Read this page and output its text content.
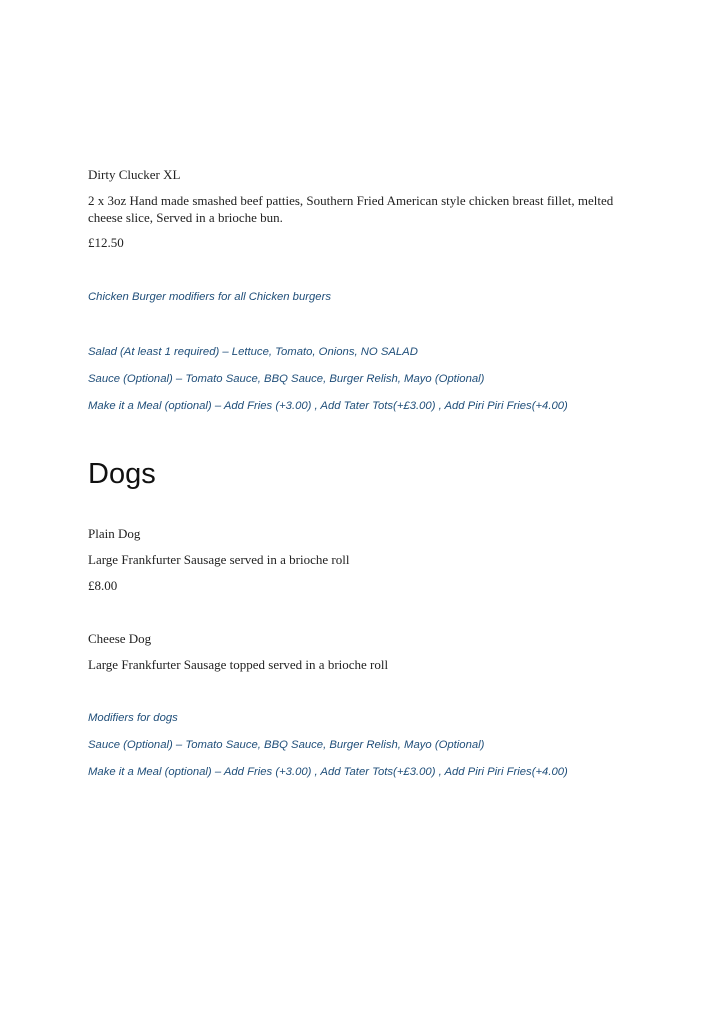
Dirty Clucker XL

2 x 3oz Hand made smashed beef patties, Southern Fried American style chicken breast fillet, melted

cheese slice, Served in a brioche bun.

£12.50

Chicken Burger modifiers for all Chicken burgers

Salad (At least 1 required) – Lettuce, Tomato, Onions, NO SALAD

Sauce (Optional) – Tomato Sauce, BBQ Sauce, Burger Relish, Mayo (Optional)

Make it a Meal (optional) – Add Fries (+3.00) , Add Tater Tots(+£3.00) , Add Piri Piri Fries(+4.00)

Dogs

Plain Dog

Large Frankfurter Sausage served in a brioche roll

£8.00

Cheese Dog

Large Frankfurter Sausage topped served in a brioche roll

Modifiers for dogs

Sauce (Optional) – Tomato Sauce, BBQ Sauce, Burger Relish, Mayo (Optional)

Make it a Meal (optional) – Add Fries (+3.00) , Add Tater Tots(+£3.00) , Add Piri Piri Fries(+4.00)
